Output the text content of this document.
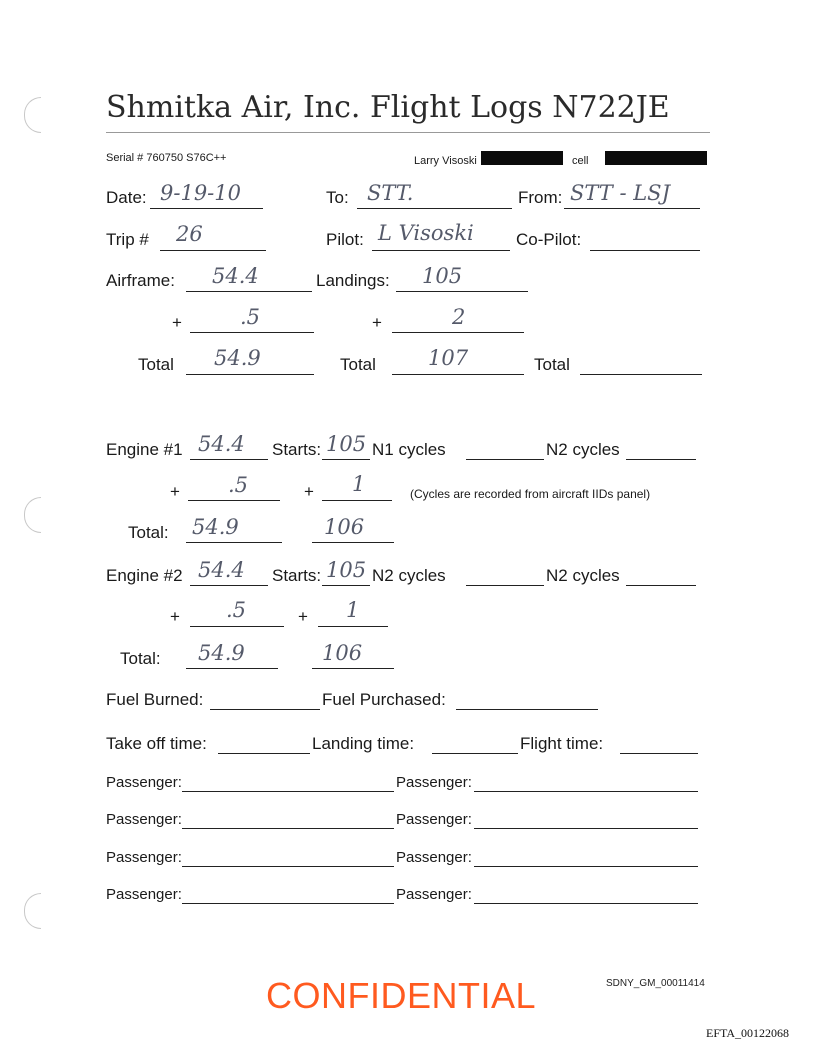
Shmitka Air, Inc. Flight Logs N722JE
Serial # 760750 S76C++	Larry Visoski	cell
Date: 9-19-10	To: STT.	From: STT - LSJ
Trip # 26	Pilot: L Visoski Co-Pilot:
Airframe: 54.4	Landings: 105
+	.5	+	2
Total 54.9	Total 107	Total
Engine #1 54.4 Starts: 105 N1 cycles	N2 cycles
+ .5	+ 1	(Cycles are recorded from aircraft IIDs panel)
Total: 54.9	106
Engine #2 54.4 Starts: 105 N2 cycles	N2 cycles
+ .5	+ 1
Total: 54.9	106
Fuel Burned:	Fuel Purchased:
Take off time:	Landing time:	Flight time:
Passenger:	Passenger:
Passenger:	Passenger:
Passenger:	Passenger:
Passenger:	Passenger:
CONFIDENTIAL	SDNY_GM_00011414
EFTA_00122068
